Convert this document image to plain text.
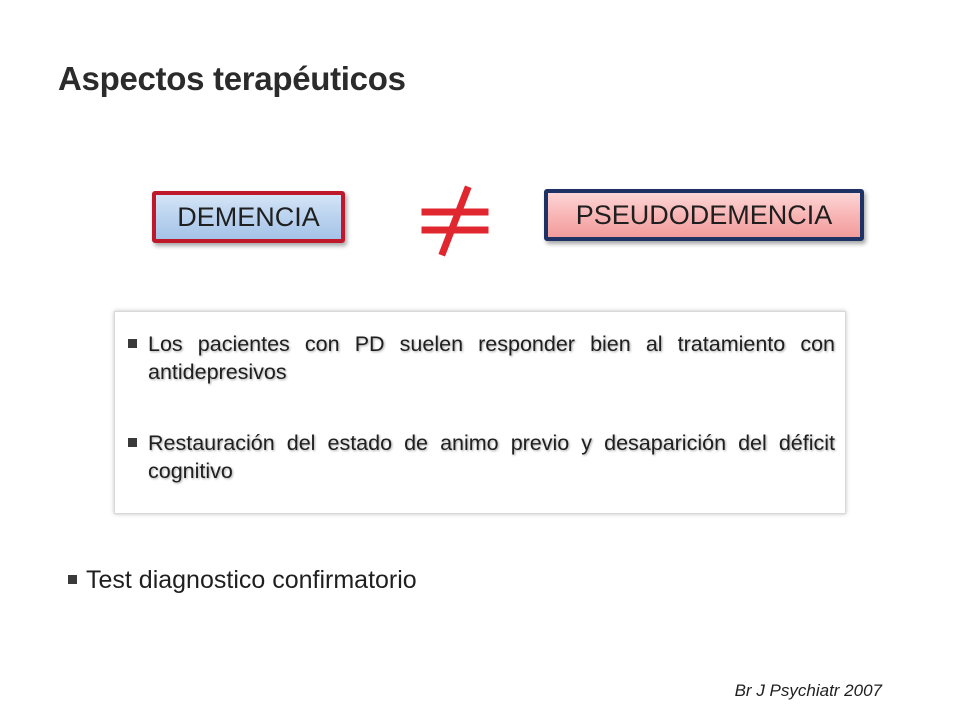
Aspectos terapéuticos
DEMENCIA	PSEUDODEMENCIA
Los pacientes con PD suelen responder bien al tratamiento con antidepresivos
Restauración del estado de animo previo y desaparición del déficit cognitivo
Test diagnostico confirmatorio
Br J Psychiatr 2007
